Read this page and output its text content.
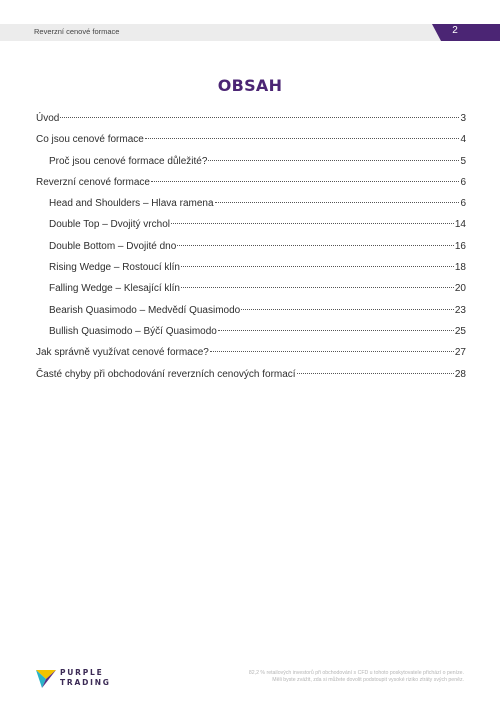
Reverzní cenové formace	2
OBSAH
Úvod	3
Co jsou cenové formace	4
Proč jsou cenové formace důležité?	5
Reverzní cenové formace	6
Head and Shoulders – Hlava ramena	6
Double Top – Dvojitý vrchol	14
Double Bottom – Dvojité dno	16
Rising Wedge – Rostoucí klín	18
Falling Wedge – Klesající klín	20
Bearish Quasimodo – Medvědí Quasimodo	23
Bullish Quasimodo – Býčí Quasimodo	25
Jak správně využívat cenové formace?	27
Časté chyby při obchodování reverzních cenových formací	28
PURPLE
TRADING
82,2 % retailových investorů při obchodování s CFD u tohoto poskytovatele přichází o peníze.
Měli byste zvážit, zda si můžete dovolit podstoupit vysoké riziko ztráty svých peněz.
